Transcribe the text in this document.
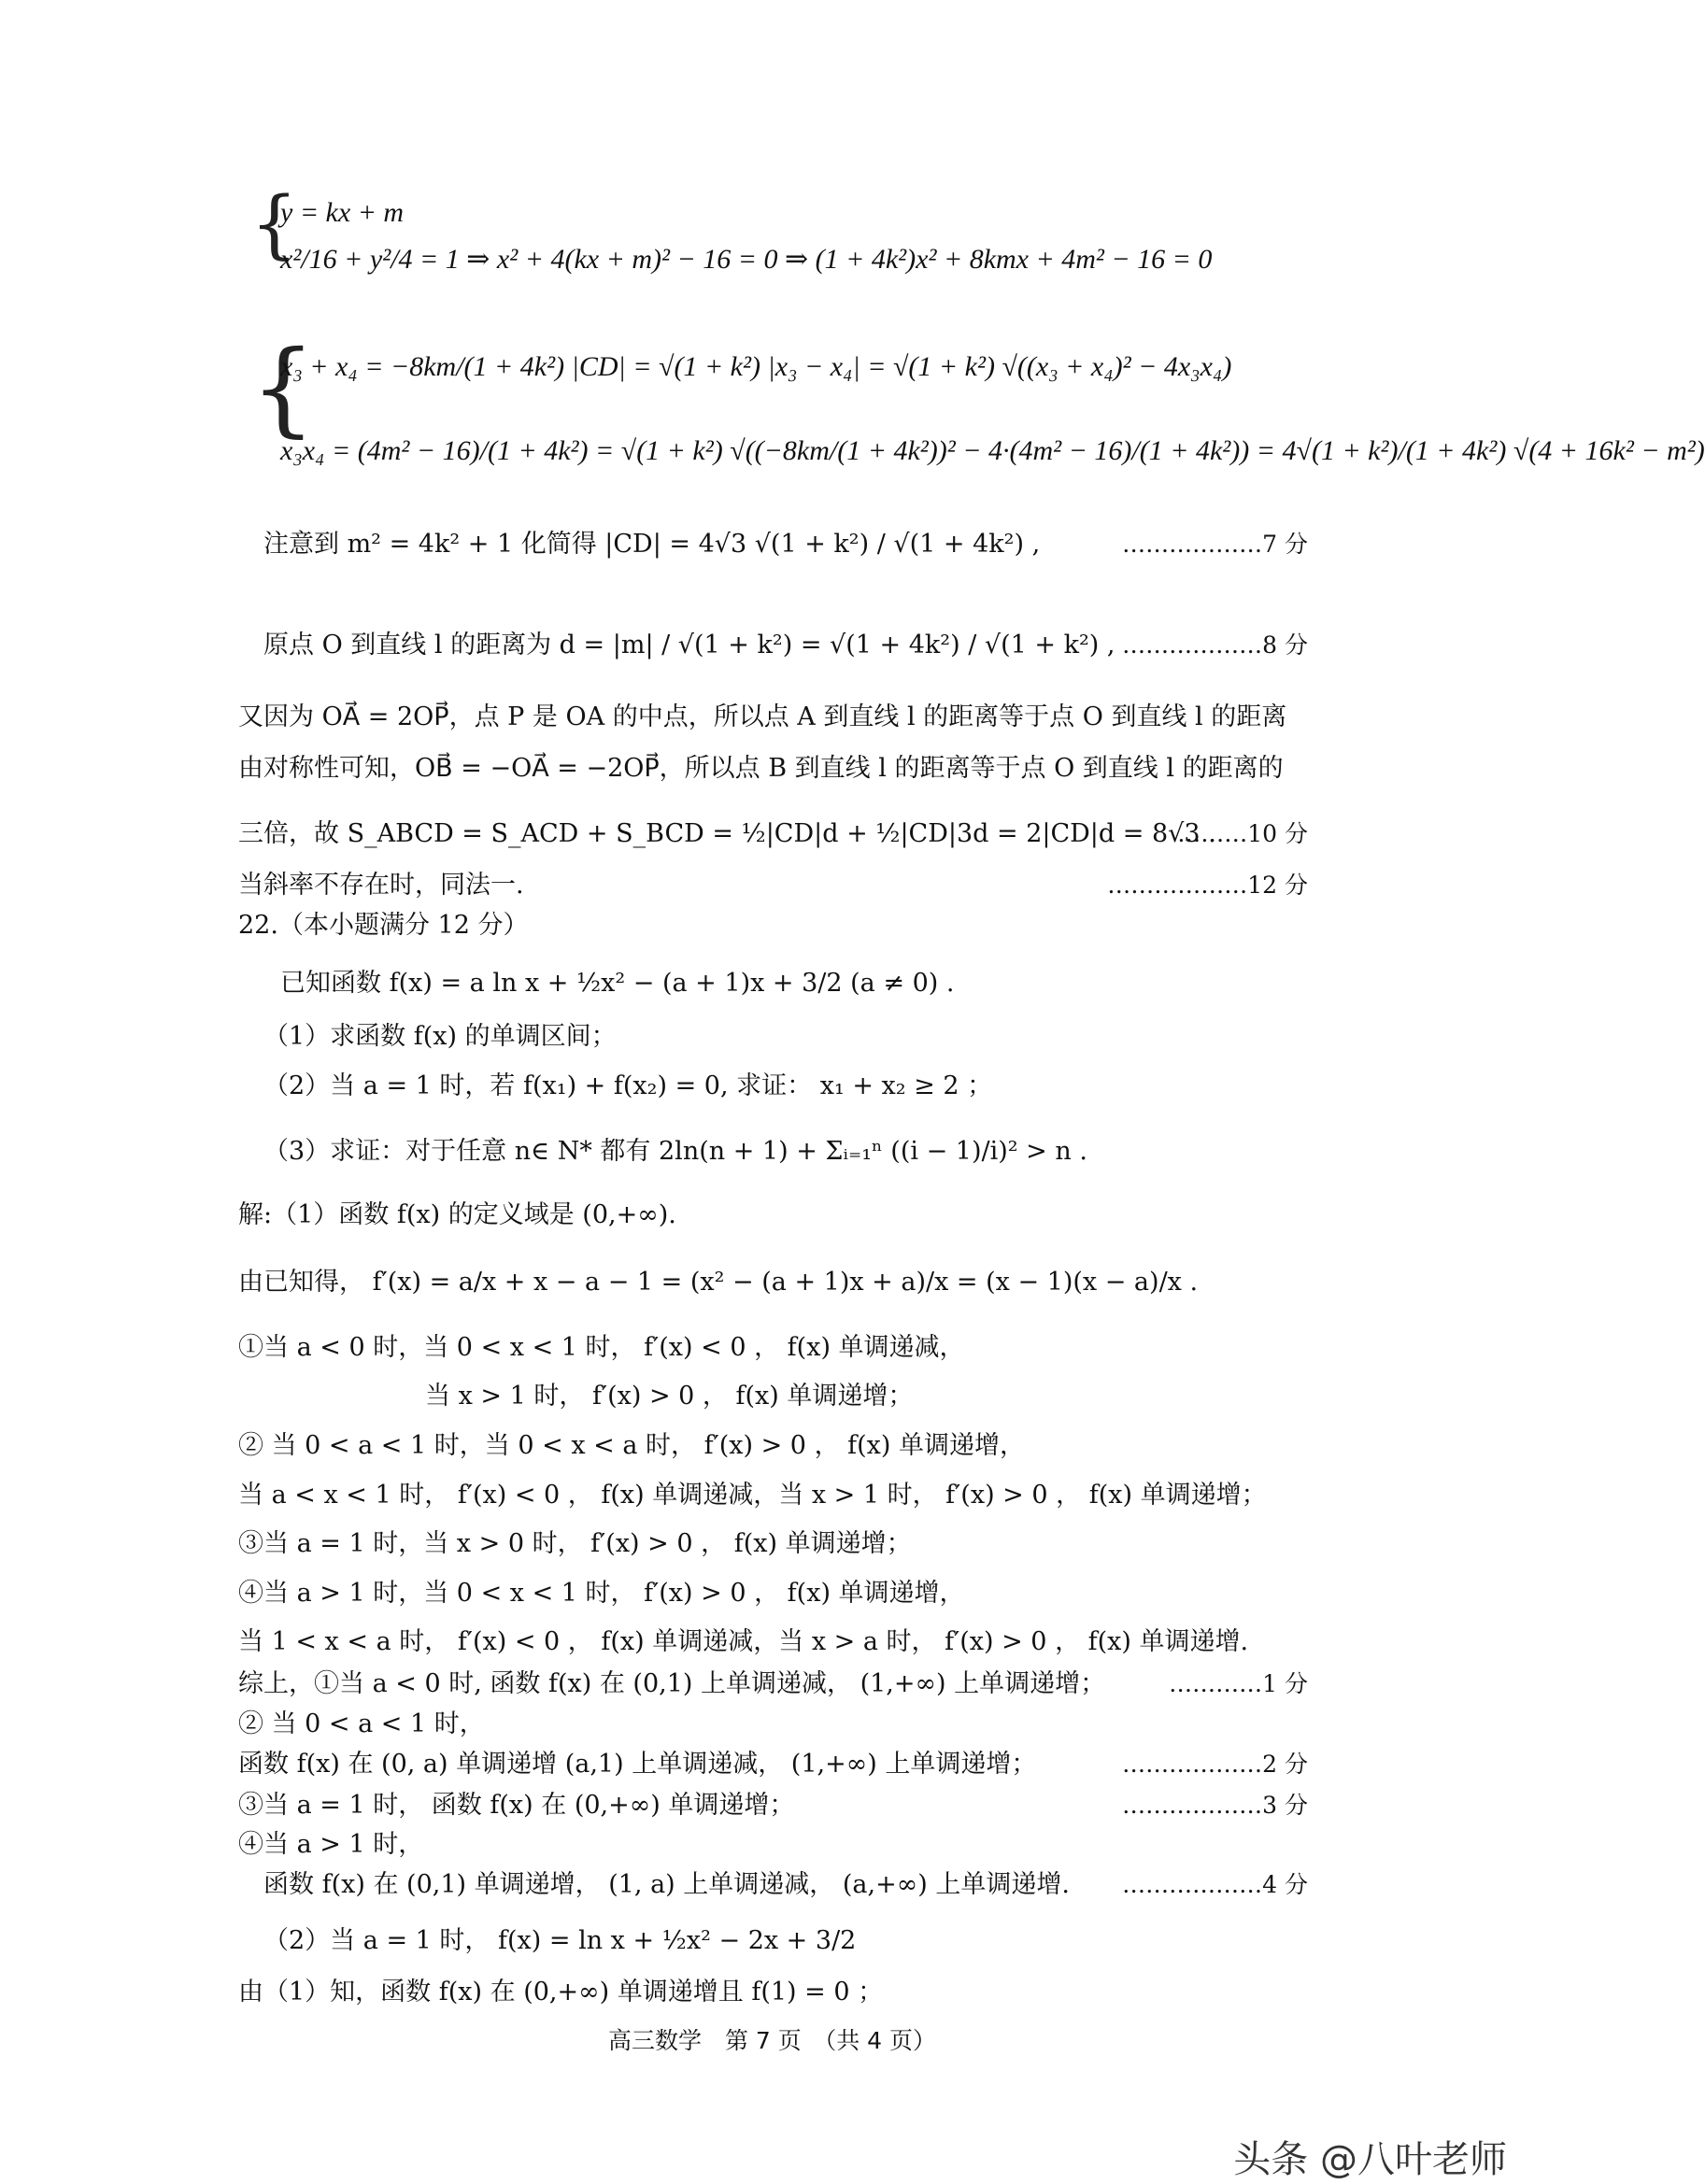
{
{
y = kx + m
x²/16 + y²/4 = 1 ⇒ x² + 4(kx + m)² − 16 = 0 ⇒ (1 + 4k²)x² + 8kmx + 4m² − 16 = 0
x₃ + x₄ = −8km/(1 + 4k²) |CD| = √(1 + k²) |x₃ − x₄| = √(1 + k²) √((x₃ + x₄)² − 4x₃x₄)
x₃x₄ = (4m² − 16)/(1 + 4k²) = √(1 + k²) √((−8km/(1 + 4k²))² − 4·(4m² − 16)/(1 + 4k²)) = 4√(1 + k²)/(1 + 4k²) √(4 + 16k² − m²)
注意到 m² = 4k² + 1 化简得 |CD| = 4√3 √(1 + k²) / √(1 + 4k²) ,	………………7 分
原点 O 到直线 l 的距离为 d = |m| / √(1 + k²) = √(1 + 4k²) / √(1 + k²) , ………………8 分
又因为 OA⃗ = 2OP⃗，点 P 是 OA 的中点，所以点 A 到直线 l 的距离等于点 O 到直线 l 的距离
由对称性可知，OB⃗ = −OA⃗ = −2OP⃗，所以点 B 到直线 l 的距离等于点 O 到直线 l 的距离的
三倍，故 S_ABCD = S_ACD + S_BCD = ½|CD|d + ½|CD|3d = 2|CD|d = 8√3 .
………10 分
当斜率不存在时，同法一.	………………12 分
22.（本小题满分 12 分）
已知函数 f(x) = a ln x + ½x² − (a + 1)x + 3/2 (a ≠ 0) .
（1）求函数 f(x) 的单调区间；
（2）当 a = 1 时，若 f(x₁) + f(x₂) = 0, 求证： x₁ + x₂ ≥ 2 ；
（3）求证：对于任意 n∈ N* 都有 2ln(n + 1) + Σᵢ₌₁ⁿ ((i − 1)/i)² > n .
解:（1）函数 f(x) 的定义域是 (0,+∞).
由已知得， f′(x) = a/x + x − a − 1 = (x² − (a + 1)x + a)/x = (x − 1)(x − a)/x .
①当 a < 0 时，当 0 < x < 1 时， f′(x) < 0 ， f(x) 单调递减，
当 x > 1 时， f′(x) > 0 ， f(x) 单调递增；
② 当 0 < a < 1 时，当 0 < x < a 时， f′(x) > 0 ， f(x) 单调递增，
当 a < x < 1 时， f′(x) < 0 ， f(x) 单调递减，当 x > 1 时， f′(x) > 0 ， f(x) 单调递增；
③当 a = 1 时，当 x > 0 时， f′(x) > 0 ， f(x) 单调递增；
④当 a > 1 时，当 0 < x < 1 时， f′(x) > 0 ， f(x) 单调递增，
当 1 < x < a 时， f′(x) < 0 ， f(x) 单调递减，当 x > a 时， f′(x) > 0 ， f(x) 单调递增.
综上，①当 a < 0 时, 函数 f(x) 在 (0,1) 上单调递减， (1,+∞) 上单调递增；	…………1 分
② 当 0 < a < 1 时，
函数 f(x) 在 (0, a) 单调递增 (a,1) 上单调递减， (1,+∞) 上单调递增；	………………2 分
③当 a = 1 时， 函数 f(x) 在 (0,+∞) 单调递增；	………………3 分
④当 a > 1 时，
函数 f(x) 在 (0,1) 单调递增， (1, a) 上单调递减， (a,+∞) 上单调递增.	………………4 分
（2）当 a = 1 时， f(x) = ln x + ½x² − 2x + 3/2
由（1）知，函数 f(x) 在 (0,+∞) 单调递增且 f(1) = 0 ；
高三数学　第 7 页　（共 4 页）
头条 @八叶老师
